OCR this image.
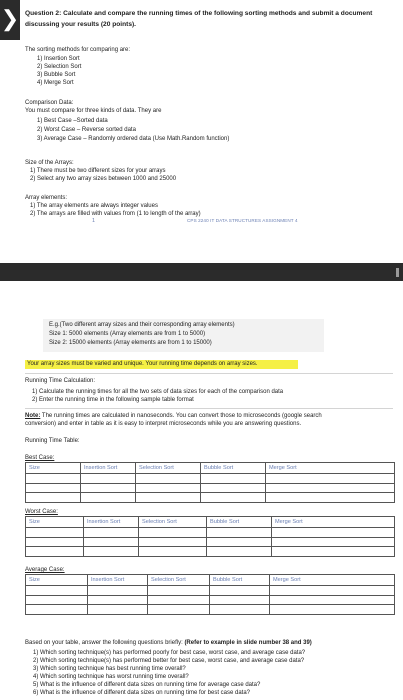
❯ Question 2: Calculate and compare the running times of the following sorting methods and submit a document discussing your results (20 points).
The sorting methods for comparing are:
1) Insertion Sort
2) Selection Sort
3) Bubble Sort
4) Merge Sort
Comparison Data:
You must compare for three kinds of data. They are
1) Best Case –Sorted data
2) Worst Case – Reverse sorted data
3) Average Case – Randomly ordered data (Use Math.Random function)
Size of the Arrays:
1) There must be two different sizes for your arrays
2) Select any two array sizes between 1000 and 25000
Array elements:
1) The array elements are always integer values
2) The arrays are filled with values from (1 to length of the array)
1	CPS 2240 IT DATA STRUCTURES ASSIGNMENT 4
E.g.(Two different array sizes and their corresponding array elements)
Size 1: 5000 elements (Array elements are from 1 to 5000)
Size 2: 15000 elements (Array elements are from 1 to 15000)
Your array sizes must be varied and unique. Your running time depends on array sizes.
Running Time Calculation:
1) Calculate the running times for all the two sets of data sizes for each of the comparison data
2) Enter the running time in the following sample table format
Note: The running times are calculated in nanoseconds. You can convert those to microseconds (google search
conversion) and enter in table as it is easy to interpret microseconds while you are answering questions.
Running Time Table:
Best Case:
Size	Insertion Sort	Selection Sort	Bubble Sort	Merge Sort

Worst Case:
Size	Insertion Sort	Selection Sort	Bubble Sort	Merge Sort

Average Case:
Size	Insertion Sort	Selection Sort	Bubble Sort	Merge Sort

Based on your table, answer the following questions briefly: (Refer to example in slide number 38 and 39)
1) Which sorting technique(s) has performed poorly for best case, worst case, and average case data?
2) Which sorting technique(s) has performed better for best case, worst case, and average case data?
3) Which sorting technique has best running time overall?
4) Which sorting technique has worst running time overall?
5) What is the influence of different data sizes on running time for average case data?
6) What is the influence of different data sizes on running time for best case data?
